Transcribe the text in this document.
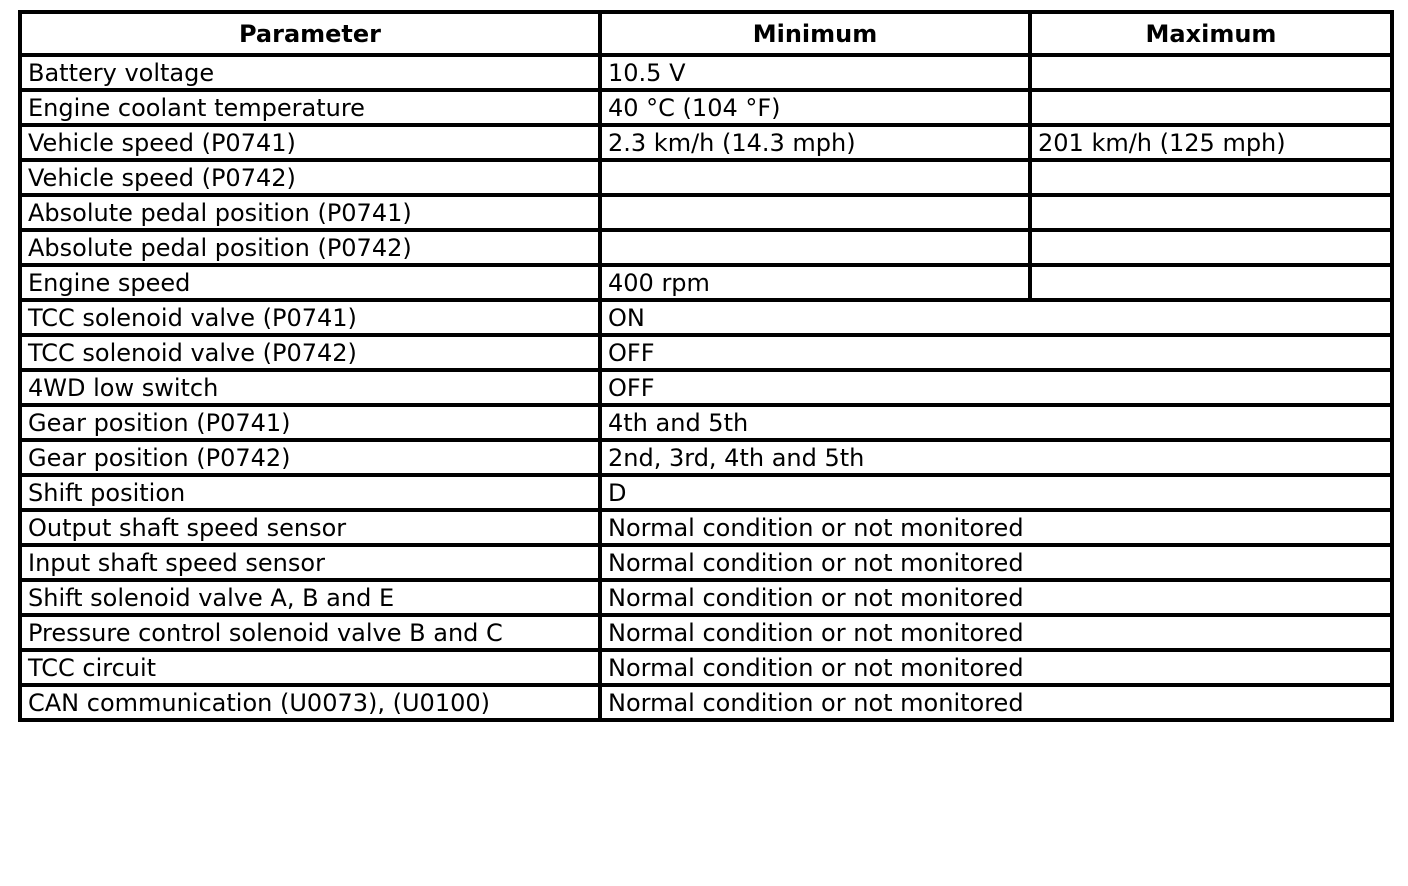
Parameter	Minimum	Maximum
Battery voltage	10.5 V	
Engine coolant temperature	40 °C (104 °F)	
Vehicle speed (P0741)	2.3 km/h (14.3 mph)	201 km/h (125 mph)
Vehicle speed (P0742)		
Absolute pedal position (P0741)		
Absolute pedal position (P0742)		
Engine speed	400 rpm	
TCC solenoid valve (P0741)	ON	
TCC solenoid valve (P0742)	OFF	
4WD low switch	OFF	
Gear position (P0741)	4th and 5th	
Gear position (P0742)	2nd, 3rd, 4th and 5th	
Shift position	D	
Output shaft speed sensor	Normal condition or not monitored	
Input shaft speed sensor	Normal condition or not monitored	
Shift solenoid valve A, B and E	Normal condition or not monitored	
Pressure control solenoid valve B and C	Normal condition or not monitored	
TCC circuit	Normal condition or not monitored	
CAN communication (U0073), (U0100)	Normal condition or not monitored	
